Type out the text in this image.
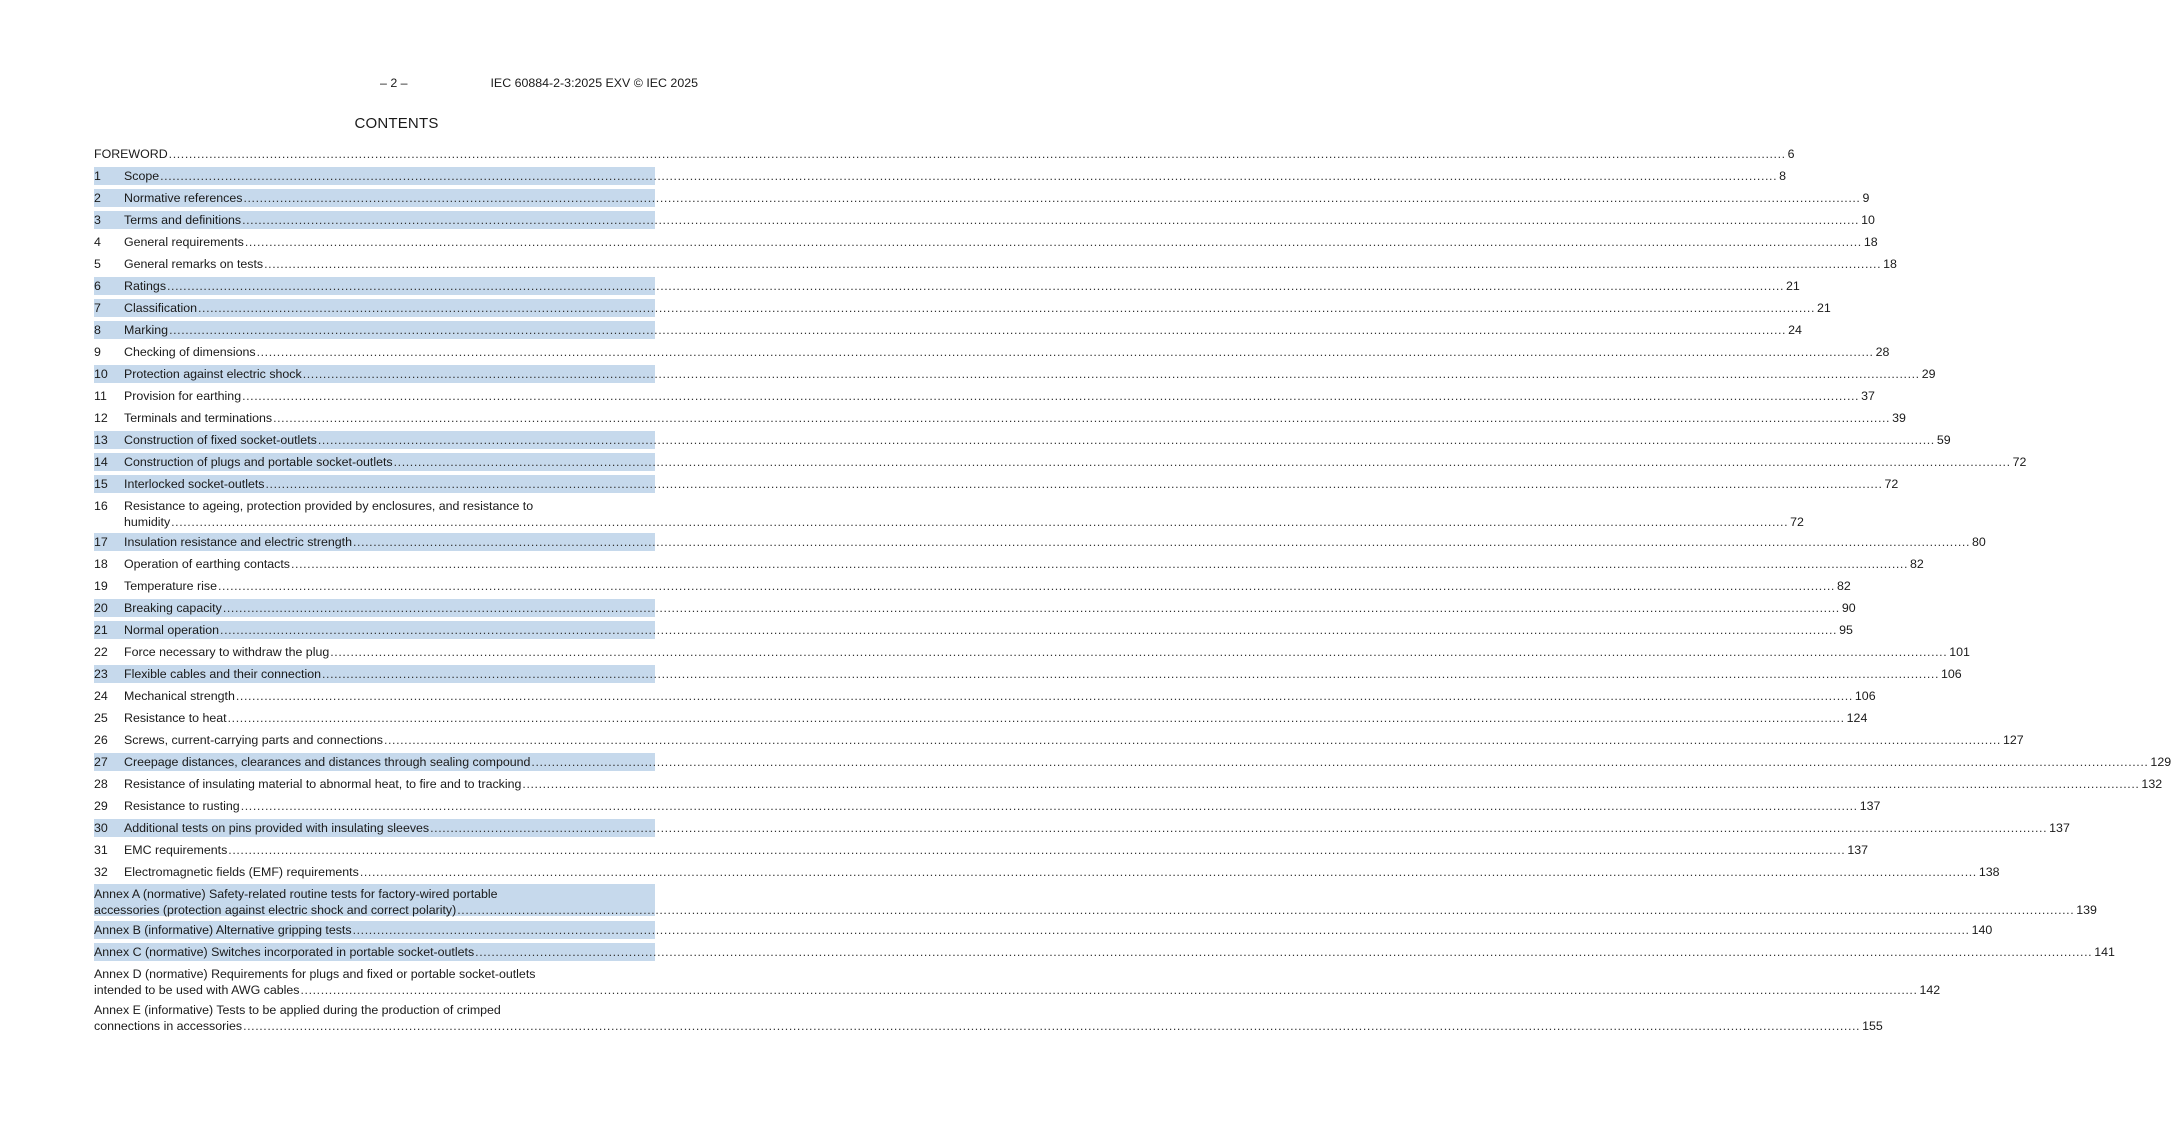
– 2 –	IEC 60884-2-3:2025 EXV © IEC 2025
CONTENTS
FOREWORD ................................................................................................................................................................................................................................................................................................................................................................................................................ 6
1	Scope ................................................................................................................................................................................................................................................................................................................................................................................................................ 8
2	Normative references ................................................................................................................................................................................................................................................................................................................................................................................................................ 9
3	Terms and definitions ................................................................................................................................................................................................................................................................................................................................................................................................................ 10
4	General requirements ................................................................................................................................................................................................................................................................................................................................................................................................................ 18
5	General remarks on tests ................................................................................................................................................................................................................................................................................................................................................................................................................ 18
6	Ratings ................................................................................................................................................................................................................................................................................................................................................................................................................ 21
7	Classification ................................................................................................................................................................................................................................................................................................................................................................................................................ 21
8	Marking ................................................................................................................................................................................................................................................................................................................................................................................................................ 24
9	Checking of dimensions ................................................................................................................................................................................................................................................................................................................................................................................................................ 28
10	Protection against electric shock ................................................................................................................................................................................................................................................................................................................................................................................................................ 29
11	Provision for earthing ................................................................................................................................................................................................................................................................................................................................................................................................................ 37
12	Terminals and terminations ................................................................................................................................................................................................................................................................................................................................................................................................................ 39
13	Construction of fixed socket-outlets ................................................................................................................................................................................................................................................................................................................................................................................................................ 59
14	Construction of plugs and portable socket-outlets ................................................................................................................................................................................................................................................................................................................................................................................................................ 72
15	Interlocked socket-outlets ................................................................................................................................................................................................................................................................................................................................................................................................................ 72
16 Resistance to ageing, protection provided by enclosures, and resistance to
humidity ................................................................................................................................................................................................................................................................................................................................................................................................................ 72
17	Insulation resistance and electric strength ................................................................................................................................................................................................................................................................................................................................................................................................................ 80
18	Operation of earthing contacts ................................................................................................................................................................................................................................................................................................................................................................................................................ 82
19	Temperature rise ................................................................................................................................................................................................................................................................................................................................................................................................................ 82
20	Breaking capacity ................................................................................................................................................................................................................................................................................................................................................................................................................ 90
21	Normal operation ................................................................................................................................................................................................................................................................................................................................................................................................................ 95
22	Force necessary to withdraw the plug ................................................................................................................................................................................................................................................................................................................................................................................................................ 101
23	Flexible cables and their connection ................................................................................................................................................................................................................................................................................................................................................................................................................ 106
24	Mechanical strength ................................................................................................................................................................................................................................................................................................................................................................................................................ 106
25	Resistance to heat ................................................................................................................................................................................................................................................................................................................................................................................................................ 124
26	Screws, current-carrying parts and connections ................................................................................................................................................................................................................................................................................................................................................................................................................ 127
27	Creepage distances, clearances and distances through sealing compound ................................................................................................................................................................................................................................................................................................................................................................................................................ 129
28	Resistance of insulating material to abnormal heat, to fire and to tracking ................................................................................................................................................................................................................................................................................................................................................................................................................ 132
29	Resistance to rusting ................................................................................................................................................................................................................................................................................................................................................................................................................ 137
30	Additional tests on pins provided with insulating sleeves ................................................................................................................................................................................................................................................................................................................................................................................................................ 137
31	EMC requirements ................................................................................................................................................................................................................................................................................................................................................................................................................ 137
32	Electromagnetic fields (EMF) requirements ................................................................................................................................................................................................................................................................................................................................................................................................................ 138
Annex A (normative) Safety-related routine tests for factory-wired portable
accessories (protection against electric shock and correct polarity) ................................................................................................................................................................................................................................................................................................................................................................................................................ 139
Annex B (informative) Alternative gripping tests ................................................................................................................................................................................................................................................................................................................................................................................................................ 140
Annex C (normative) Switches incorporated in portable socket-outlets ................................................................................................................................................................................................................................................................................................................................................................................................................ 141
Annex D (normative) Requirements for plugs and fixed or portable socket-outlets
intended to be used with AWG cables ................................................................................................................................................................................................................................................................................................................................................................................................................ 142
Annex E (informative) Tests to be applied during the production of crimped
connections in accessories ................................................................................................................................................................................................................................................................................................................................................................................................................ 155
